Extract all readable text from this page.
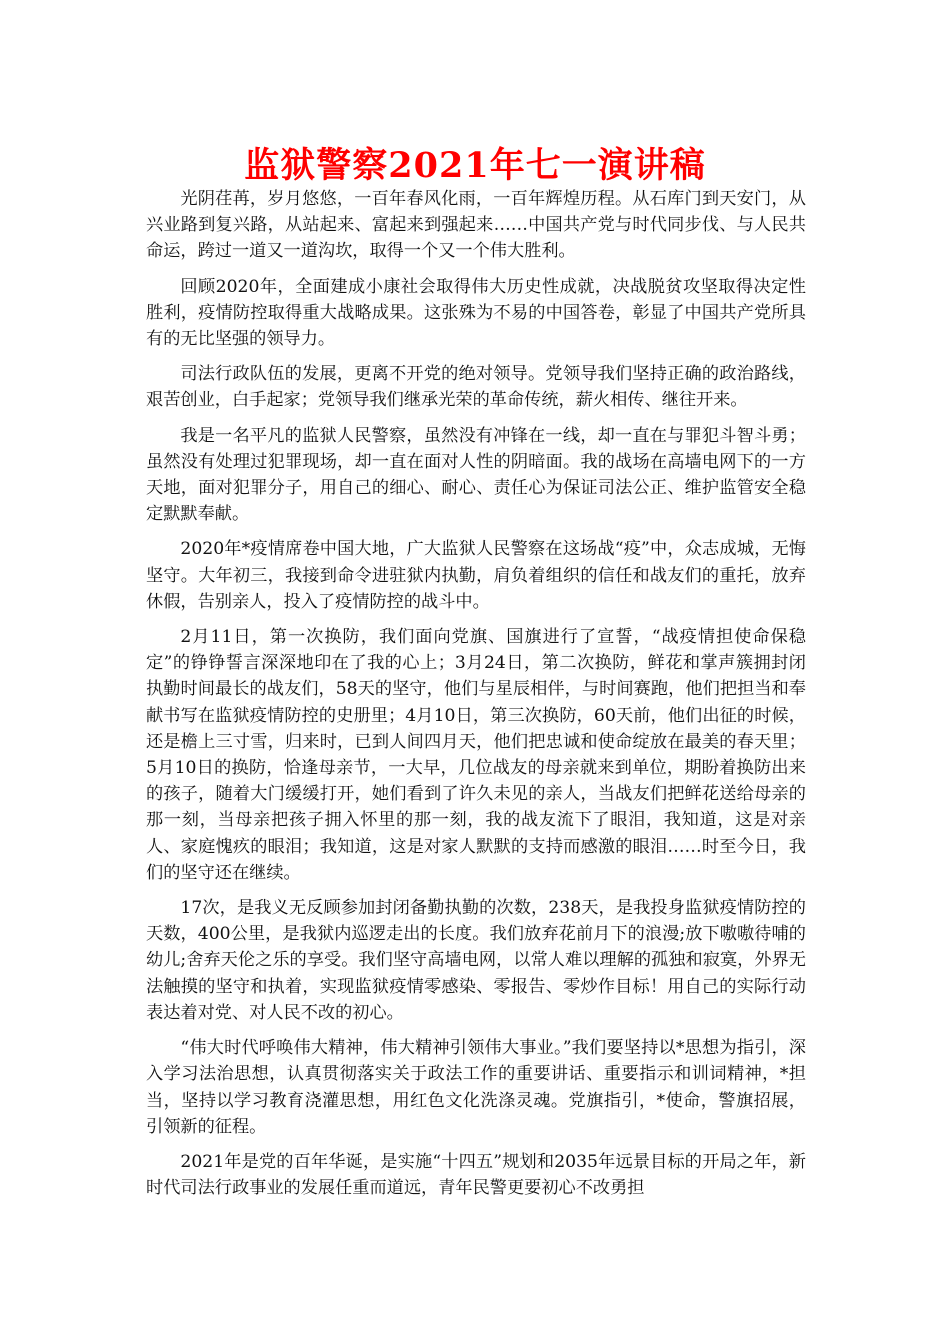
监狱警察2021年七一演讲稿

光阴荏苒，岁月悠悠，一百年春风化雨，一百年辉煌历程。从石库门到天安门，从兴业路到复兴路，从站起来、富起来到强起来……中国共产党与时代同步伐、与人民共命运，跨过一道又一道沟坎，取得一个又一个伟大胜利。

回顾2020年，全面建成小康社会取得伟大历史性成就，决战脱贫攻坚取得决定性胜利，疫情防控取得重大战略成果。这张殊为不易的中国答卷，彰显了中国共产党所具有的无比坚强的领导力。

司法行政队伍的发展，更离不开党的绝对领导。党领导我们坚持正确的政治路线，艰苦创业，白手起家；党领导我们继承光荣的革命传统，薪火相传、继往开来。

我是一名平凡的监狱人民警察，虽然没有冲锋在一线，却一直在与罪犯斗智斗勇；虽然没有处理过犯罪现场，却一直在面对人性的阴暗面。我的战场在高墙电网下的一方天地，面对犯罪分子，用自己的细心、耐心、责任心为保证司法公正、维护监管安全稳定默默奉献。

2020年*疫情席卷中国大地，广大监狱人民警察在这场战“疫”中，众志成城，无悔坚守。大年初三，我接到命令进驻狱内执勤，肩负着组织的信任和战友们的重托，放弃休假，告别亲人，投入了疫情防控的战斗中。

2月11日，第一次换防，我们面向党旗、国旗进行了宣誓，“战疫情担使命保稳定”的铮铮誓言深深地印在了我的心上；3月24日，第二次换防，鲜花和掌声簇拥封闭执勤时间最长的战友们，58天的坚守，他们与星辰相伴，与时间赛跑，他们把担当和奉献书写在监狱疫情防控的史册里；4月10日，第三次换防，60天前，他们出征的时候，还是檐上三寸雪，归来时，已到人间四月天，他们把忠诚和使命绽放在最美的春天里；5月10日的换防，恰逢母亲节，一大早，几位战友的母亲就来到单位，期盼着换防出来的孩子，随着大门缓缓打开，她们看到了许久未见的亲人，当战友们把鲜花送给母亲的那一刻，当母亲把孩子拥入怀里的那一刻，我的战友流下了眼泪，我知道，这是对亲人、家庭愧疚的眼泪；我知道，这是对家人默默的支持而感激的眼泪……时至今日，我们的坚守还在继续。

17次，是我义无反顾参加封闭备勤执勤的次数，238天，是我投身监狱疫情防控的天数，400公里，是我狱内巡逻走出的长度。我们放弃花前月下的浪漫;放下嗷嗷待哺的幼儿;舍弃天伦之乐的享受。我们坚守高墙电网，以常人难以理解的孤独和寂寞，外界无法触摸的坚守和执着，实现监狱疫情零感染、零报告、零炒作目标！用自己的实际行动表达着对党、对人民不改的初心。

“伟大时代呼唤伟大精神，伟大精神引领伟大事业。”我们要坚持以*思想为指引，深入学习法治思想，认真贯彻落实关于政法工作的重要讲话、重要指示和训词精神，*担当，坚持以学习教育浇灌思想，用红色文化洗涤灵魂。党旗指引，*使命，警旗招展，引领新的征程。

2021年是党的百年华诞，是实施“十四五”规划和2035年远景目标的开局之年，新时代司法行政事业的发展任重而道远，青年民警更要初心不改勇担
